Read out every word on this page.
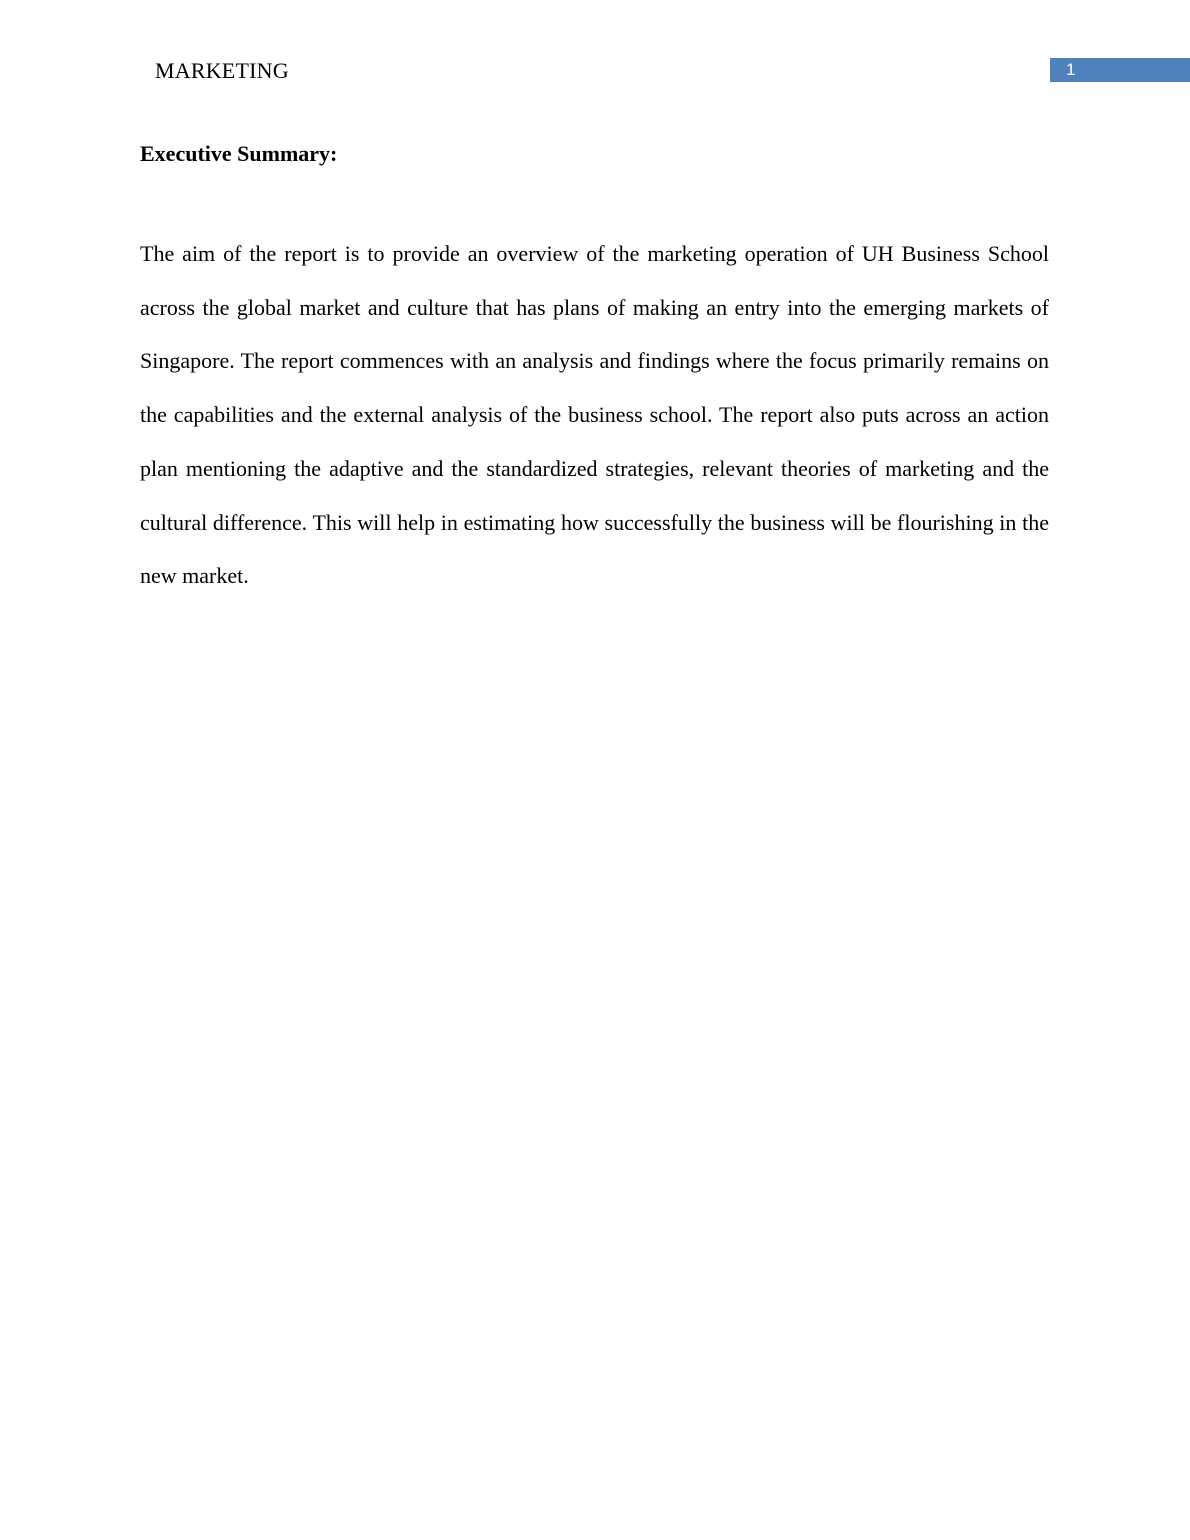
MARKETING	1
Executive Summary:

The aim of the report is to provide an overview of the marketing operation of UH Business School across the global market and culture that has plans of making an entry into the emerging markets of Singapore. The report commences with an analysis and findings where the focus primarily remains on the capabilities and the external analysis of the business school. The report also puts across an action plan mentioning the adaptive and the standardized strategies, relevant theories of marketing and the cultural difference. This will help in estimating how successfully the business will be flourishing in the new market.
